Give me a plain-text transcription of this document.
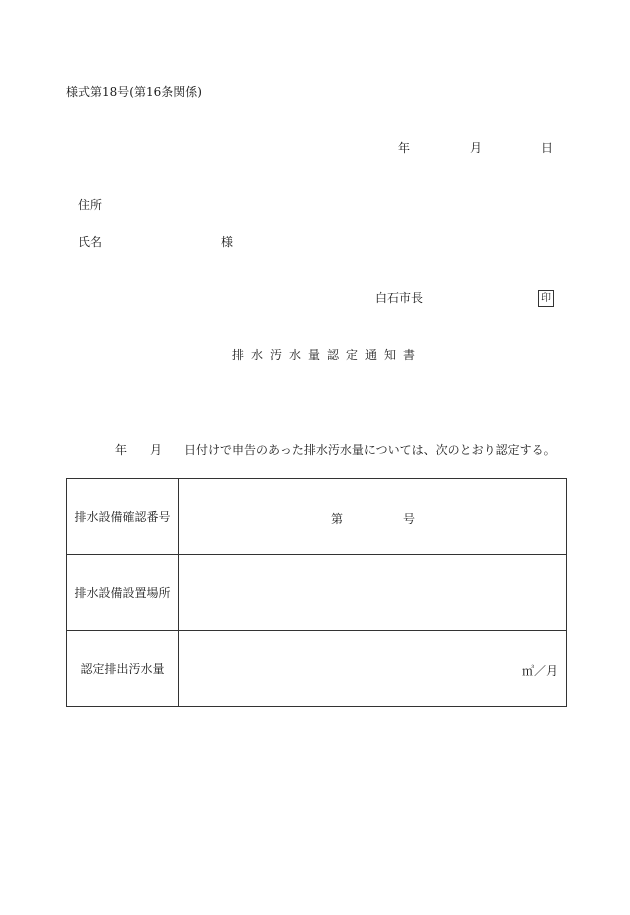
様式第18号(第16条関係)
年	月	日
住所
氏名	様
白石市長	印
排水汚水量認定通知書
年 月 日付けで申告のあった排水汚水量については、次のとおり認定する。
排水設備確認番号	第 号

排水設備設置場所	
認定排出汚水量	㎥／月
